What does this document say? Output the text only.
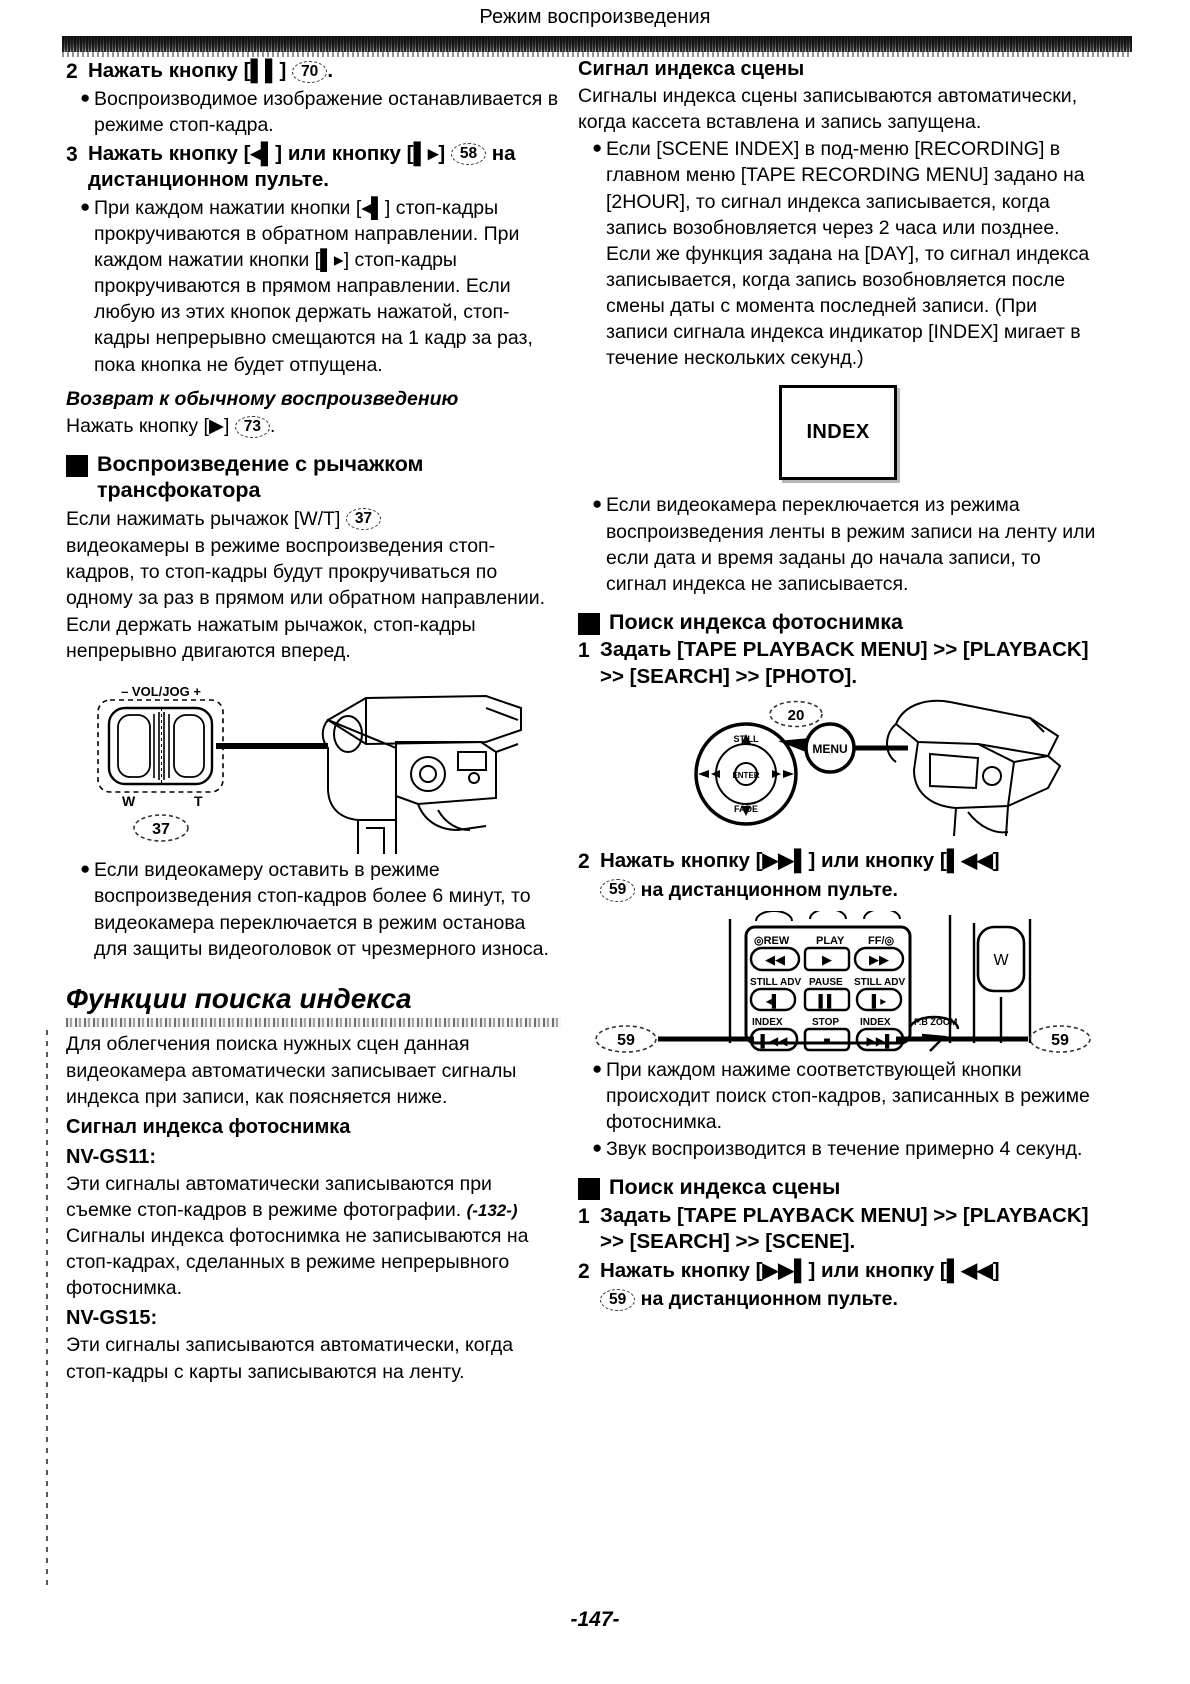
Режим воспроизведения
2 Нажать кнопку [▌▌] 70 .
● Воспроизводимое изображение останавливается в режиме стоп-кадра.
3 Нажать кнопку [◂▌] или кнопку [▌▸] 58 на дистанционном пульте.
● При каждом нажатии кнопки [◂▌] стоп-кадры прокручиваются в обратном направлении. При каждом нажатии кнопки [▌▸] стоп-кадры прокручиваются в прямом направлении. Если любую из этих кнопок держать нажатой, стоп-кадры непрерывно смещаются на 1 кадр за раз, пока кнопка не будет отпущена.
Возврат к обычному воспроизведению
Нажать кнопку [▶] 73 .
Воспроизведение с рычажком трансфокатора
Если нажимать рычажок [W/T] 37
видеокамеры в режиме воспроизведения стоп-кадров, то стоп-кадры будут прокручиваться по одному за раз в прямом или обратном направлении.
Если держать нажатым рычажок, стоп-кадры непрерывно двигаются вперед.
– VOL/JOG +
W	T
37
● Если видеокамеру оставить в режиме воспроизведения стоп-кадров более 6 минут, то видеокамера переключается в режим останова для защиты видеоголовок от чрезмерного износа.
Функции поиска индекса
Для облегчения поиска нужных сцен данная видеокамера автоматически записывает сигналы индекса при записи, как поясняется ниже.
Сигнал индекса фотоснимка
NV-GS11:
Эти сигналы автоматически записываются при съемке стоп-кадров в режиме фотографии. (-132-) Сигналы индекса фотоснимка не записываются на стоп-кадрах, сделанных в режиме непрерывного фотоснимка.
NV-GS15:
Эти сигналы записываются автоматически, когда стоп-кадры с карты записываются на ленту.
Сигнал индекса сцены
Сигналы индекса сцены записываются автоматически, когда кассета вставлена и запись запущена.
● Если [SCENE INDEX] в под-меню [RECORDING] в главном меню [TAPE RECORDING MENU] задано на [2HOUR], то сигнал индекса записывается, когда запись возобновляется через 2 часа или позднее. Если же функция задана на [DAY], то сигнал индекса записывается, когда запись возобновляется после смены даты с момента последней записи. (При записи сигнала индекса индикатор [INDEX] мигает в течение нескольких секунд.)
INDEX
● Если видеокамера переключается из режима воспроизведения ленты в режим записи на ленту или если дата и время заданы до начала записи, то сигнал индекса не записывается.
Поиск индекса фотоснимка
1 Задать [TAPE PLAYBACK MENU] >> [PLAYBACK] >> [SEARCH] >> [PHOTO].
20
STILL
ENTER
FADE
MENU
2 Нажать кнопку [▶▶▌] или кнопку [▌◀◀]
59 на дистанционном пульте.
◎REW PLAY FF/◎
◀◀	▶	▶▶
STILL ADV PAUSE STILL ADV
◂▌	▌▌	▌▸
INDEX	STOP INDEX	P.B ZOOM
▌◀◀	■	▶▶▌
W
59	59
● При каждом нажиме соответствующей кнопки происходит поиск стоп-кадров, записанных в режиме фотоснимка.
● Звук воспроизводится в течение примерно 4 секунд.
Поиск индекса сцены
1 Задать [TAPE PLAYBACK MENU] >> [PLAYBACK] >> [SEARCH] >> [SCENE].
2 Нажать кнопку [▶▶▌] или кнопку [▌◀◀]
59 на дистанционном пульте.
-147-
